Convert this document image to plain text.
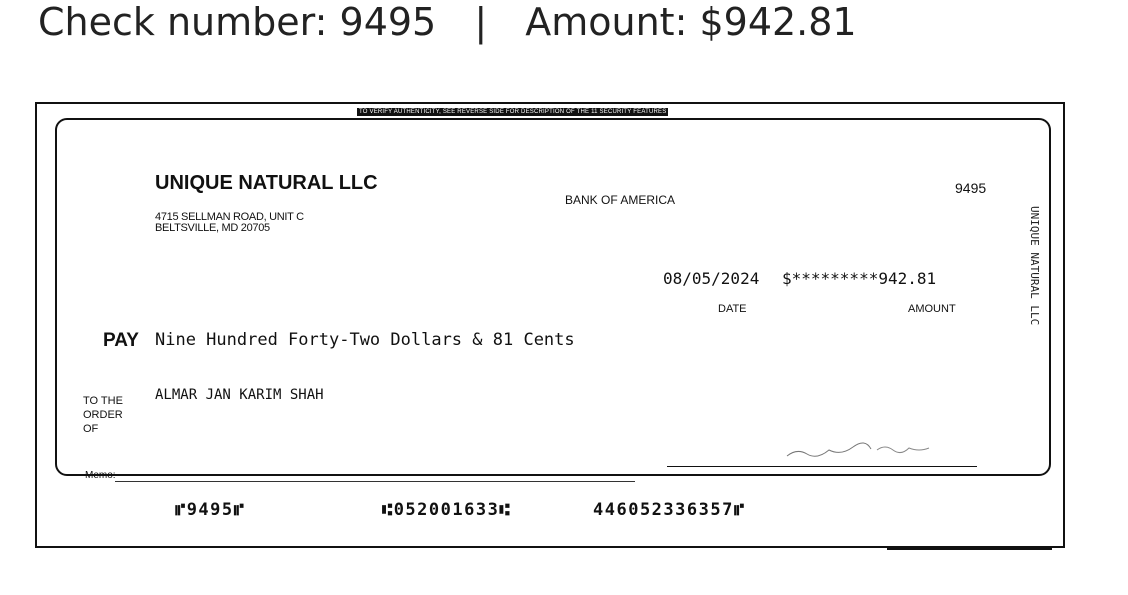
Check number: 9495 | Amount: $942.81
TO VERIFY AUTHENTICITY, SEE REVERSE SIDE FOR DESCRIPTION OF THE 11 SECURITY FEATURES
UNIQUE NATURAL LLC
4715 SELLMAN ROAD, UNIT C
BELTSVILLE, MD 20705
BANK OF AMERICA
9495
08/05/2024 $*********942.81
DATE	AMOUNT
PAY Nine Hundred Forty-Two Dollars & 81 Cents
TO THE
ORDER
OF
ALMAR JAN KARIM SHAH
Memo:
UNIQUE NATURAL LLC
⑈9495⑈	⑆052001633⑆	446052336357⑈
